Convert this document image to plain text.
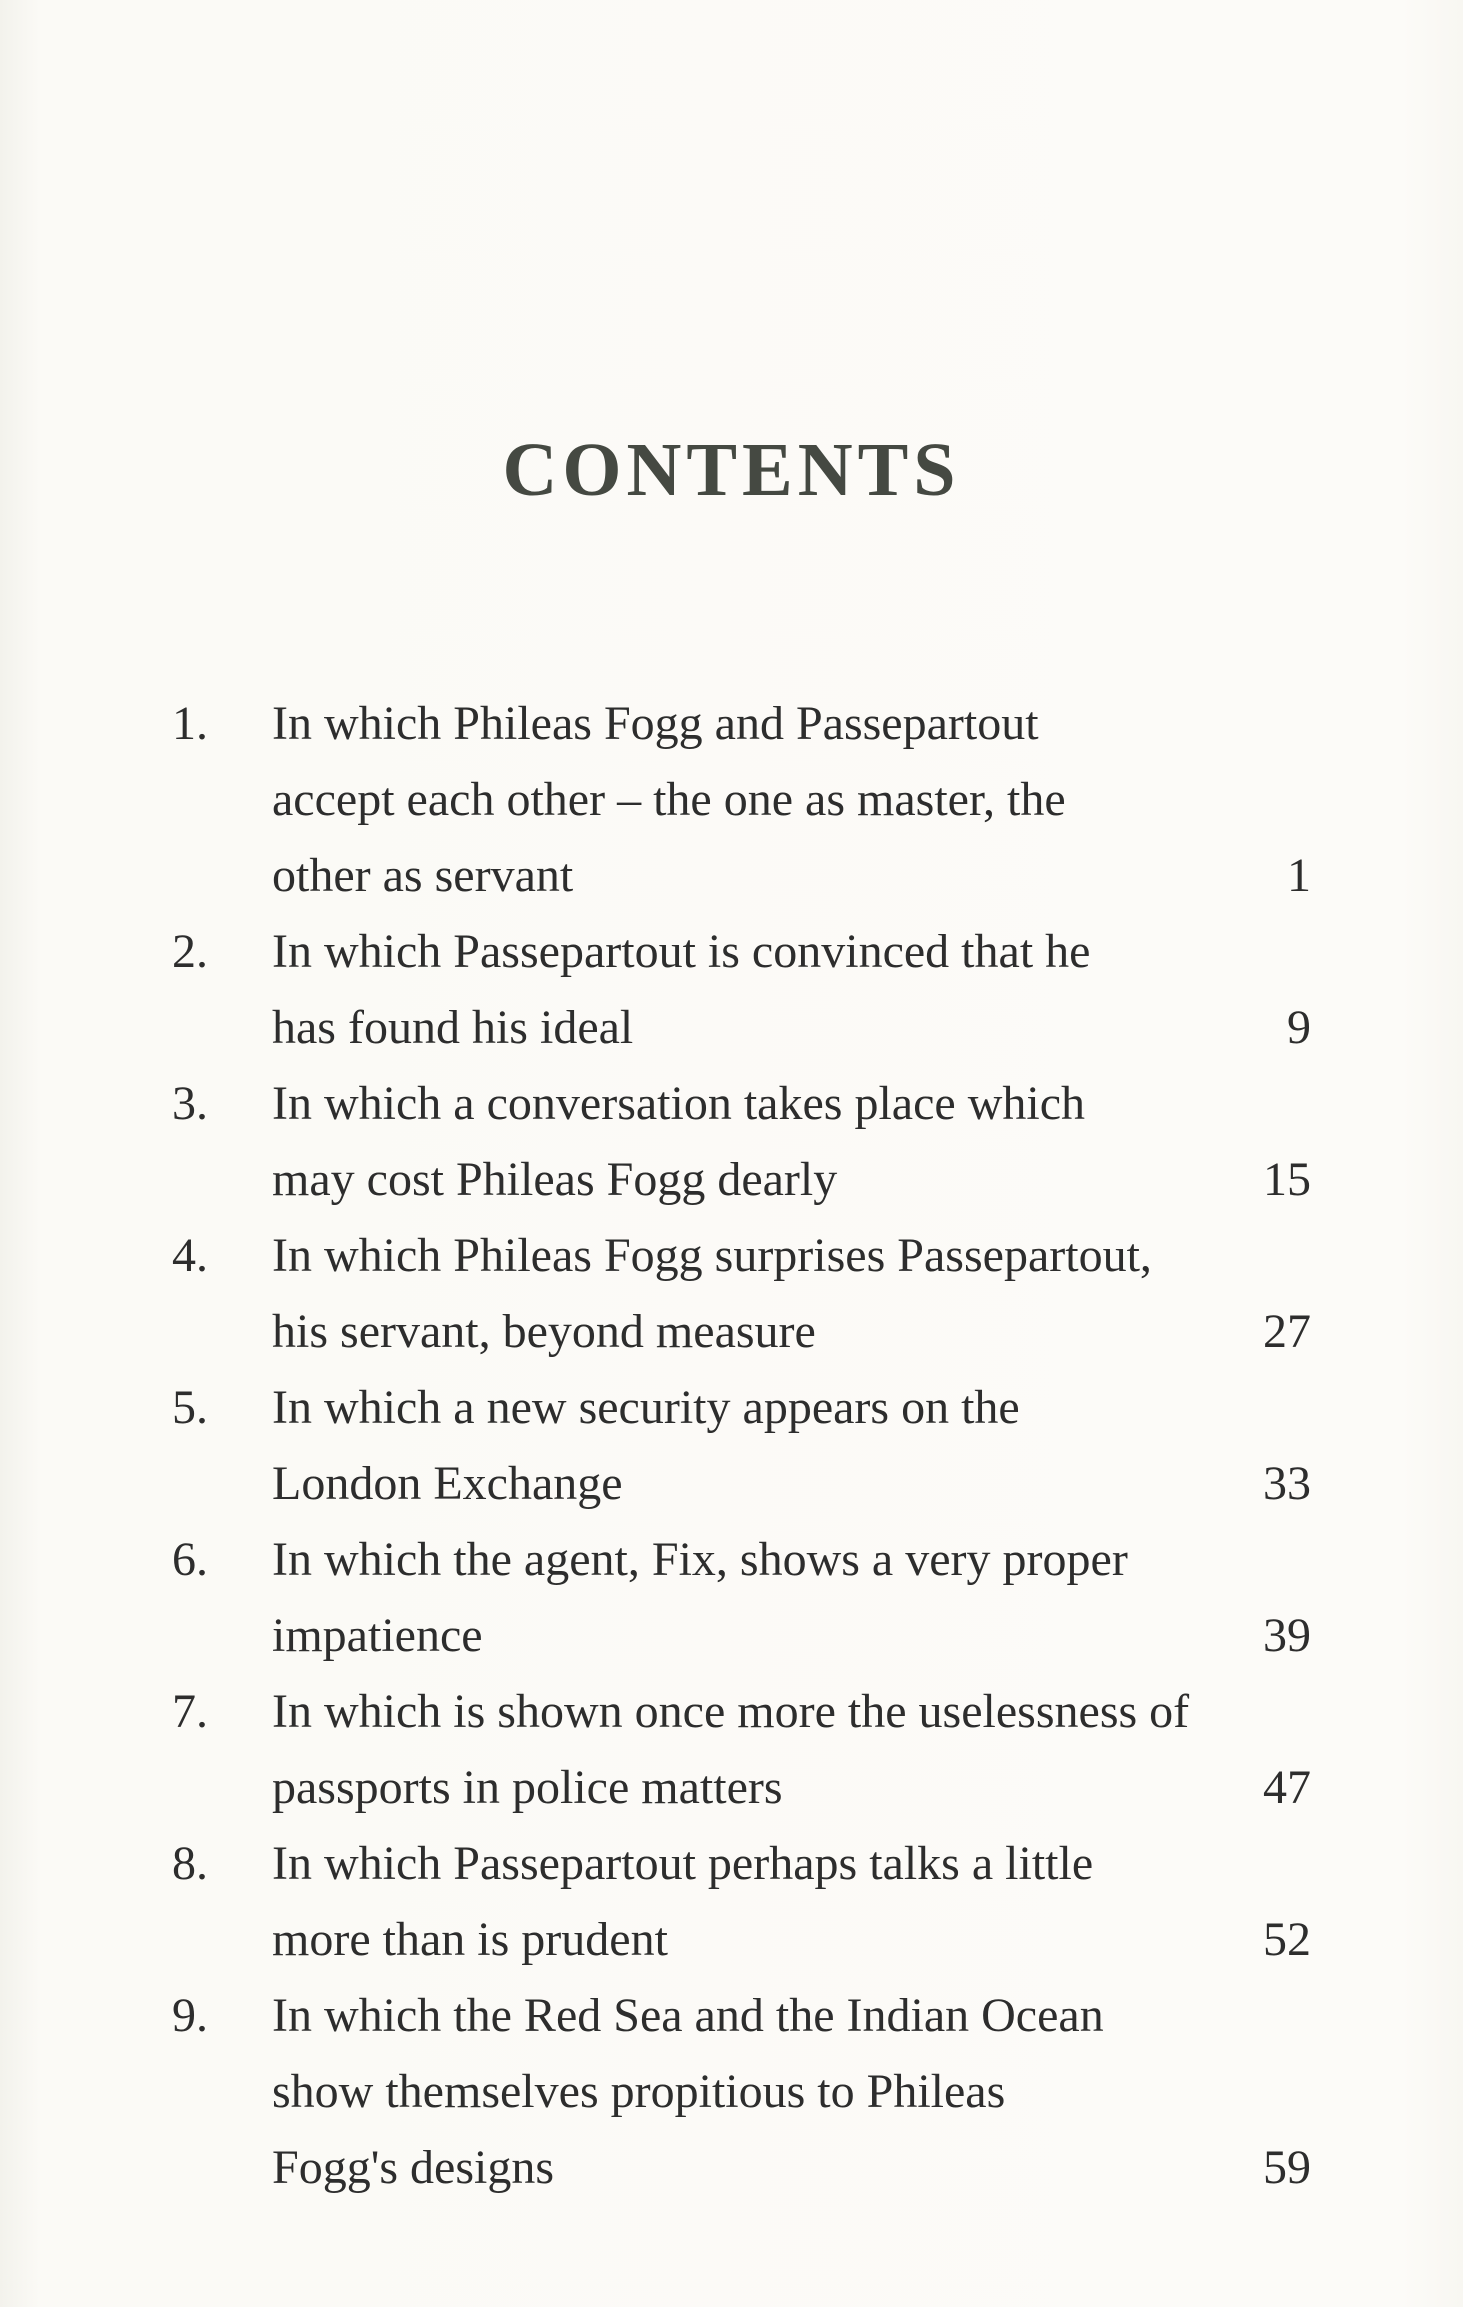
CONTENTS
1. In which Phileas Fogg and Passepartout
accept each other – the one as master, the
other as servant	1
2. In which Passepartout is convinced that he
has found his ideal	9
3. In which a conversation takes place which
may cost Phileas Fogg dearly	15
4. In which Phileas Fogg surprises Passepartout,
his servant, beyond measure	27
5. In which a new security appears on the
London Exchange	33
6. In which the agent, Fix, shows a very proper
impatience	39
7. In which is shown once more the uselessness of
passports in police matters	47
8. In which Passepartout perhaps talks a little
more than is prudent	52
9. In which the Red Sea and the Indian Ocean
show themselves propitious to Phileas
Fogg's designs	59
